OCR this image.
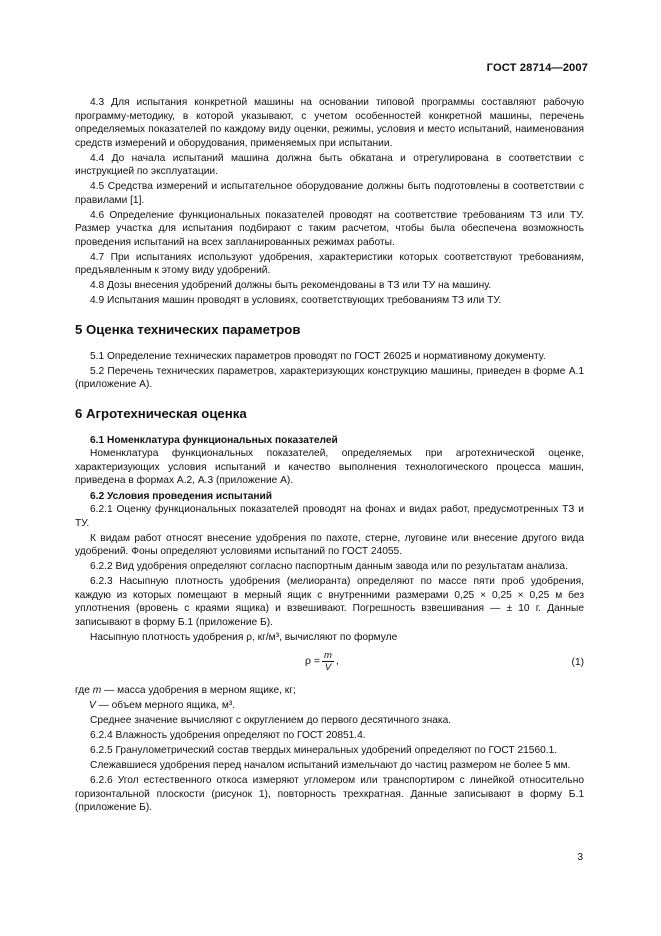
ГОСТ 28714—2007

4.3 Для испытания конкретной машины на основании типовой программы составляют рабочую программу-методику, в которой указывают, с учетом особенностей конкретной машины, перечень определяемых показателей по каждому виду оценки, режимы, условия и место испытаний, наименования средств измерений и оборудования, применяемых при испытании.

4.4 До начала испытаний машина должна быть обкатана и отрегулирована в соответствии с инструкцией по эксплуатации.

4.5 Средства измерений и испытательное оборудование должны быть подготовлены в соответствии с правилами [1].

4.6 Определение функциональных показателей проводят на соответствие требованиям ТЗ или ТУ. Размер участка для испытания подбирают с таким расчетом, чтобы была обеспечена возможность проведения испытаний на всех запланированных режимах работы.

4.7 При испытаниях используют удобрения, характеристики которых соответствуют требованиям, предъявленным к этому виду удобрений.

4.8 Дозы внесения удобрений должны быть рекомендованы в ТЗ или ТУ на машину.

4.9 Испытания машин проводят в условиях, соответствующих требованиям ТЗ или ТУ.

5 Оценка технических параметров

5.1 Определение технических параметров проводят по ГОСТ 26025 и нормативному документу.

5.2 Перечень технических параметров, характеризующих конструкцию машины, приведен в форме А.1 (приложение А).

6 Агротехническая оценка

6.1 Номенклатура функциональных показателей

Номенклатура функциональных показателей, определяемых при агротехнической оценке, характеризующих условия испытаний и качество выполнения технологического процесса машин, приведена в формах А.2, А.3 (приложение А).

6.2 Условия проведения испытаний

6.2.1 Оценку функциональных показателей проводят на фонах и видах работ, предусмотренных ТЗ и ТУ.

К видам работ относят внесение удобрения по пахоте, стерне, луговине или внесение другого вида удобрений. Фоны определяют условиями испытаний по ГОСТ 24055.

6.2.2 Вид удобрения определяют согласно паспортным данным завода или по результатам анализа.

6.2.3 Насыпную плотность удобрения (мелиоранта) определяют по массе пяти проб удобрения, каждую из которых помещают в мерный ящик с внутренними размерами 0,25 × 0,25 × 0,25 м без уплотнения (вровень с краями ящика) и взвешивают. Погрешность взвешивания — ± 10 г. Данные записывают в форму Б.1 (приложение Б).

Насыпную плотность удобрения ρ, кг/м³, вычисляют по формуле

$\rho = \frac{m}{V}$ ,	(1)

где m — масса удобрения в мерном ящике, кг;

V — объем мерного ящика, м³.

Среднее значение вычисляют с округлением до первого десятичного знака.

6.2.4 Влажность удобрения определяют по ГОСТ 20851.4.

6.2.5 Гранулометрический состав твердых минеральных удобрений определяют по ГОСТ 21560.1.

Слежавшиеся удобрения перед началом испытаний измельчают до частиц размером не более 5 мм.

6.2.6 Угол естественного откоса измеряют угломером или транспортиром с линейкой относительно горизонтальной плоскости (рисунок 1), повторность трехкратная. Данные записывают в форму Б.1 (приложение Б).

3
